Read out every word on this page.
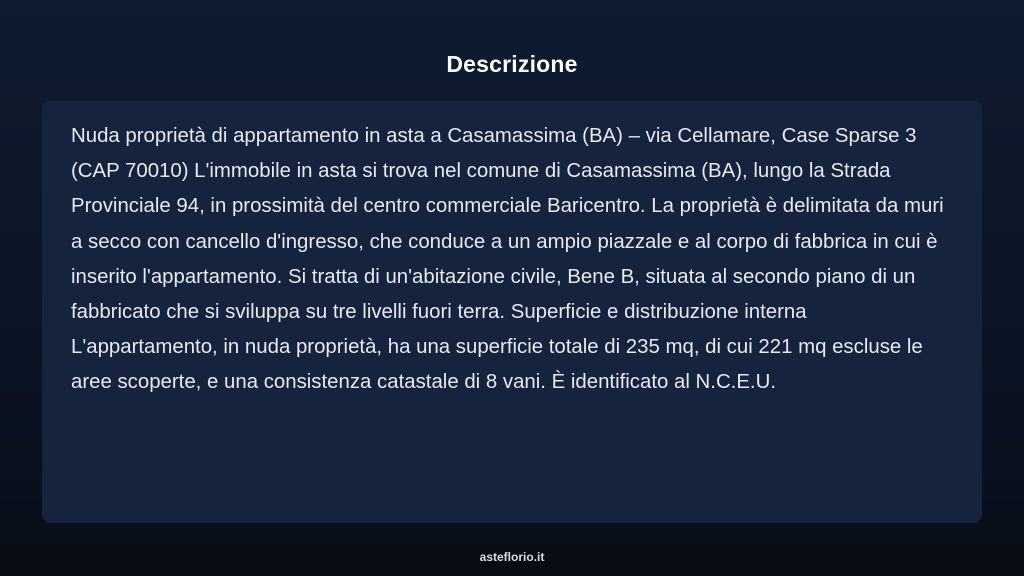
Descrizione

Nuda proprietà di appartamento in asta a Casamassima (BA) – via Cellamare, Case Sparse 3 (CAP 70010) L'immobile in asta si trova nel comune di Casamassima (BA), lungo la Strada Provinciale 94, in prossimità del centro commerciale Baricentro. La proprietà è delimitata da muri a secco con cancello d'ingresso, che conduce a un ampio piazzale e al corpo di fabbrica in cui è inserito l'appartamento. Si tratta di un'abitazione civile, Bene B, situata al secondo piano di un fabbricato che si sviluppa su tre livelli fuori terra. Superficie e distribuzione interna L'appartamento, in nuda proprietà, ha una superficie totale di 235 mq, di cui 221 mq escluse le aree scoperte, e una consistenza catastale di 8 vani. È identificato al N.C.E.U.

asteflorio.it
